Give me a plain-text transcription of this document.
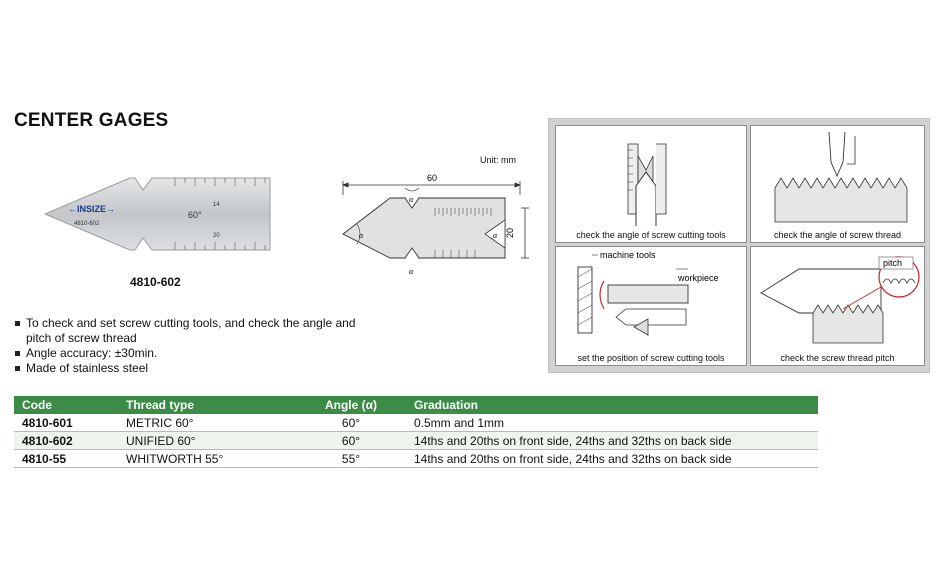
CENTER GAGES
←INSIZE→
4810-602
60°
14
20
4810-602
Unit: mm
60
20
α
α
α
α
To check and set screw cutting tools, and check the angle and pitch of screw thread
Angle accuracy: ±30min.
Made of stainless steel
check the angle of screw cutting tools	check the angle of screw thread
machine tools
workpiece
set the position of screw cutting tools
pitch
check the screw thread pitch
Code	Thread type	Angle (α)	Graduation
4810-601	METRIC 60°	60°	0.5mm and 1mm
4810-602	UNIFIED 60°	60°	14ths and 20ths on front side, 24ths and 32ths on back side
4810-55	WHITWORTH 55°	55°	14ths and 20ths on front side, 24ths and 32ths on back side
